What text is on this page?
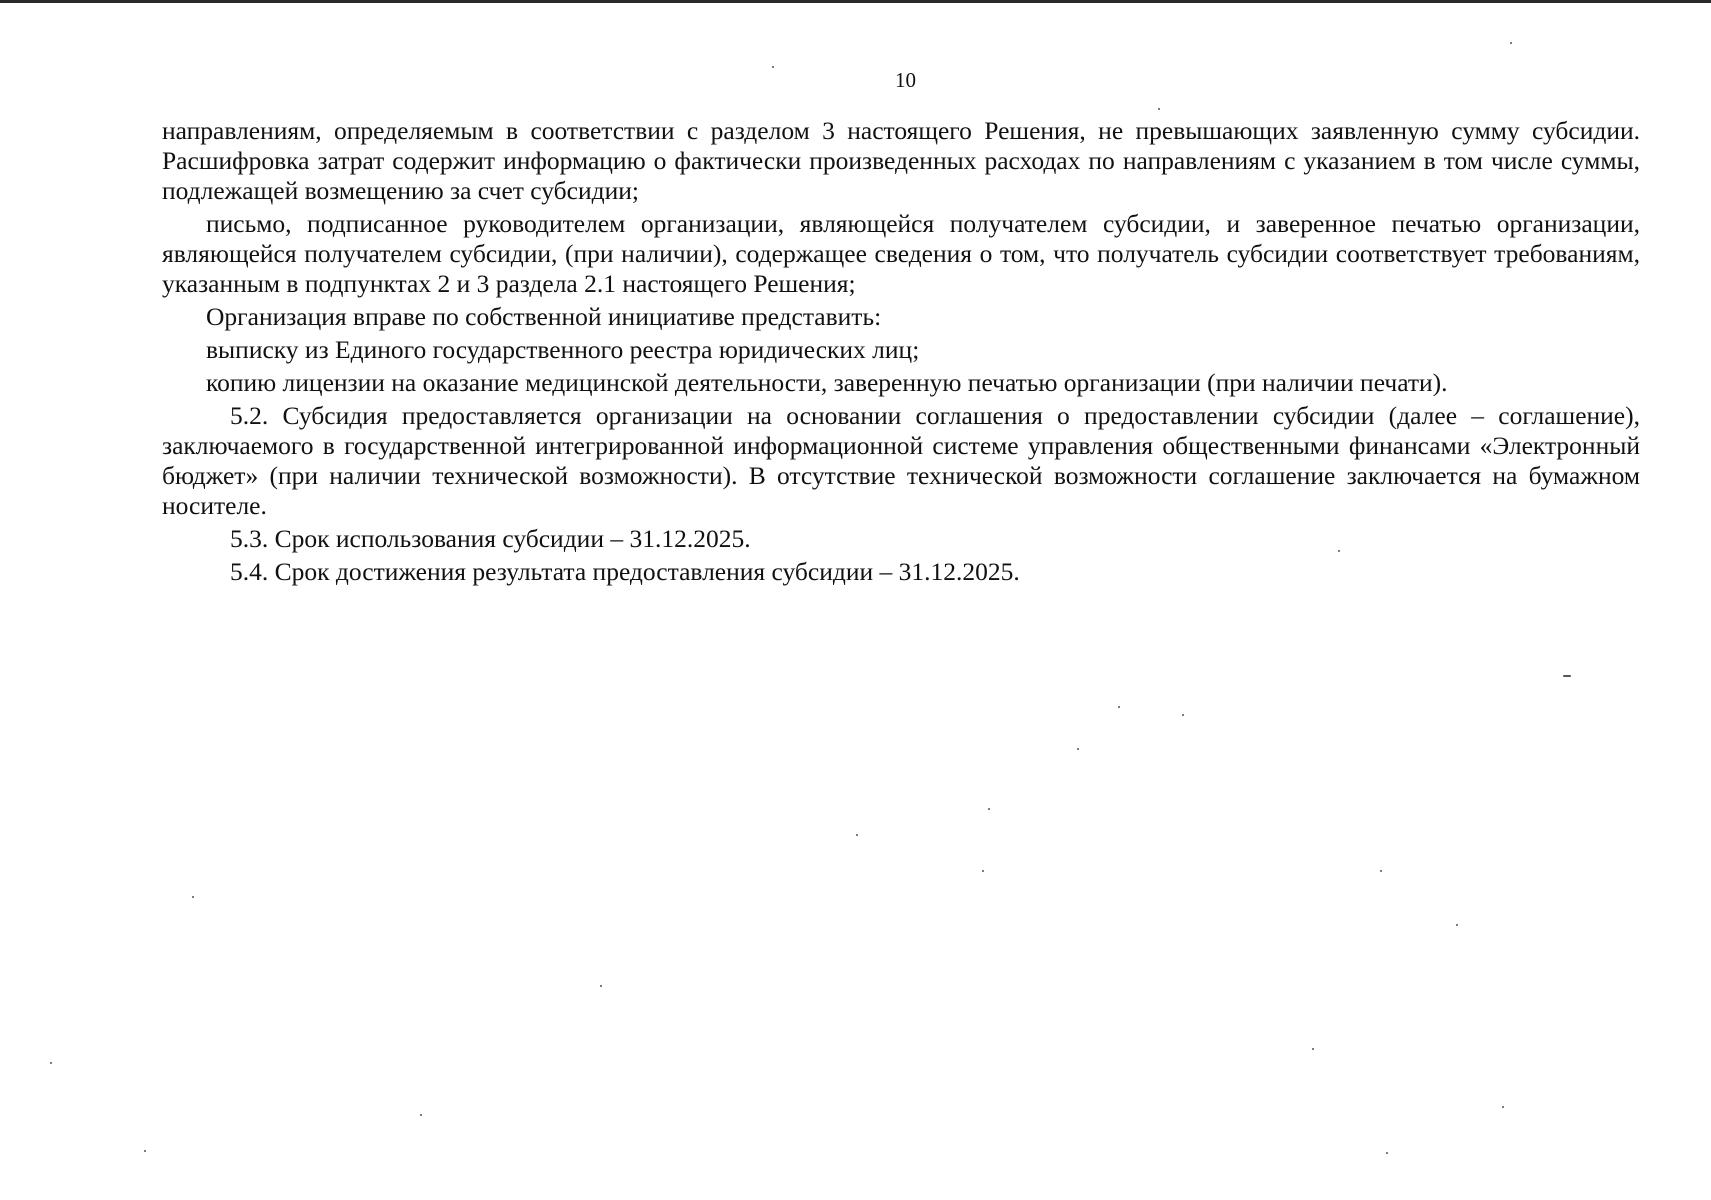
10

направлениям, определяемым в соответствии с разделом 3 настоящего Решения, не превышающих заявленную сумму субсидии. Расшифровка затрат содержит информацию о фактически произведенных расходах по направлениям с указанием в том числе суммы, подлежащей возмещению за счет субсидии;

письмо, подписанное руководителем организации, являющейся получателем субсидии, и заверенное печатью организации, являющейся получателем субсидии, (при наличии), содержащее сведения о том, что получатель субсидии соответствует требованиям, указанным в подпунктах 2 и 3 раздела 2.1 настоящего Решения;

Организация вправе по собственной инициативе представить:

выписку из Единого государственного реестра юридических лиц;

копию лицензии на оказание медицинской деятельности, заверенную печатью организации (при наличии печати).

5.2. Субсидия предоставляется организации на основании соглашения о предоставлении субсидии (далее – соглашение), заключаемого в государственной интегрированной информационной системе управления общественными финансами «Электронный бюджет» (при наличии технической возможности). В отсутствие технической возможности соглашение заключается на бумажном носителе.

5.3. Срок использования субсидии – 31.12.2025.

5.4. Срок достижения результата предоставления субсидии – 31.12.2025.
